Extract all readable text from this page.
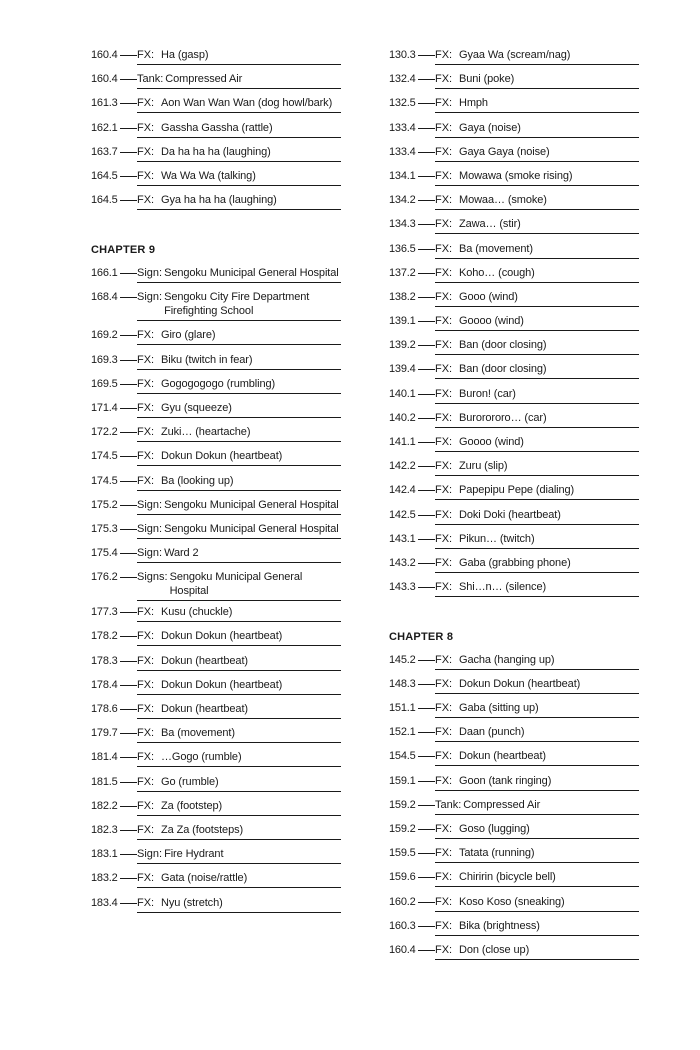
160.4 FX: Ha (gasp)
160.4 Tank: Compressed Air
161.3 FX: Aon Wan Wan Wan (dog howl/bark)
162.1 FX: Gassha Gassha (rattle)
163.7 FX: Da ha ha ha (laughing)
164.5 FX: Wa Wa Wa (talking)
164.5 FX: Gya ha ha ha (laughing)
CHAPTER 9
166.1 Sign: Sengoku Municipal General Hospital
168.4 Sign: Sengoku City Fire Department Firefighting School
169.2 FX: Giro (glare)
169.3 FX: Biku (twitch in fear)
169.5 FX: Gogogogogo (rumbling)
171.4 FX: Gyu (squeeze)
172.2 FX: Zuki… (heartache)
174.5 FX: Dokun Dokun (heartbeat)
174.5 FX: Ba (looking up)
175.2 Sign: Sengoku Municipal General Hospital
175.3 Sign: Sengoku Municipal General Hospital
175.4 Sign: Ward 2
176.2 Signs: Sengoku Municipal General Hospital
177.3 FX: Kusu (chuckle)
178.2 FX: Dokun Dokun (heartbeat)
178.3 FX: Dokun (heartbeat)
178.4 FX: Dokun Dokun (heartbeat)
178.6 FX: Dokun (heartbeat)
179.7 FX: Ba (movement)
181.4 FX: …Gogo (rumble)
181.5 FX: Go (rumble)
182.2 FX: Za (footstep)
182.3 FX: Za Za (footsteps)
183.1 Sign: Fire Hydrant
183.2 FX: Gata (noise/rattle)
183.4 FX: Nyu (stretch)
130.3 FX: Gyaa Wa (scream/nag)
132.4 FX: Buni (poke)
132.5 FX: Hmph
133.4 FX: Gaya (noise)
133.4 FX: Gaya Gaya (noise)
134.1 FX: Mowawa (smoke rising)
134.2 FX: Mowaa… (smoke)
134.3 FX: Zawa… (stir)
136.5 FX: Ba (movement)
137.2 FX: Koho… (cough)
138.2 FX: Gooo (wind)
139.1 FX: Goooo (wind)
139.2 FX: Ban (door closing)
139.4 FX: Ban (door closing)
140.1 FX: Buron! (car)
140.2 FX: Burorororo… (car)
141.1 FX: Goooo (wind)
142.2 FX: Zuru (slip)
142.4 FX: Papepipu Pepe (dialing)
142.5 FX: Doki Doki (heartbeat)
143.1 FX: Pikun… (twitch)
143.2 FX: Gaba (grabbing phone)
143.3 FX: Shi…n… (silence)
CHAPTER 8
145.2 FX: Gacha (hanging up)
148.3 FX: Dokun Dokun (heartbeat)
151.1 FX: Gaba (sitting up)
152.1 FX: Daan (punch)
154.5 FX: Dokun (heartbeat)
159.1 FX: Goon (tank ringing)
159.2 Tank: Compressed Air
159.2 FX: Goso (lugging)
159.5 FX: Tatata (running)
159.6 FX: Chiririn (bicycle bell)
160.2 FX: Koso Koso (sneaking)
160.3 FX: Bika (brightness)
160.4 FX: Don (close up)
